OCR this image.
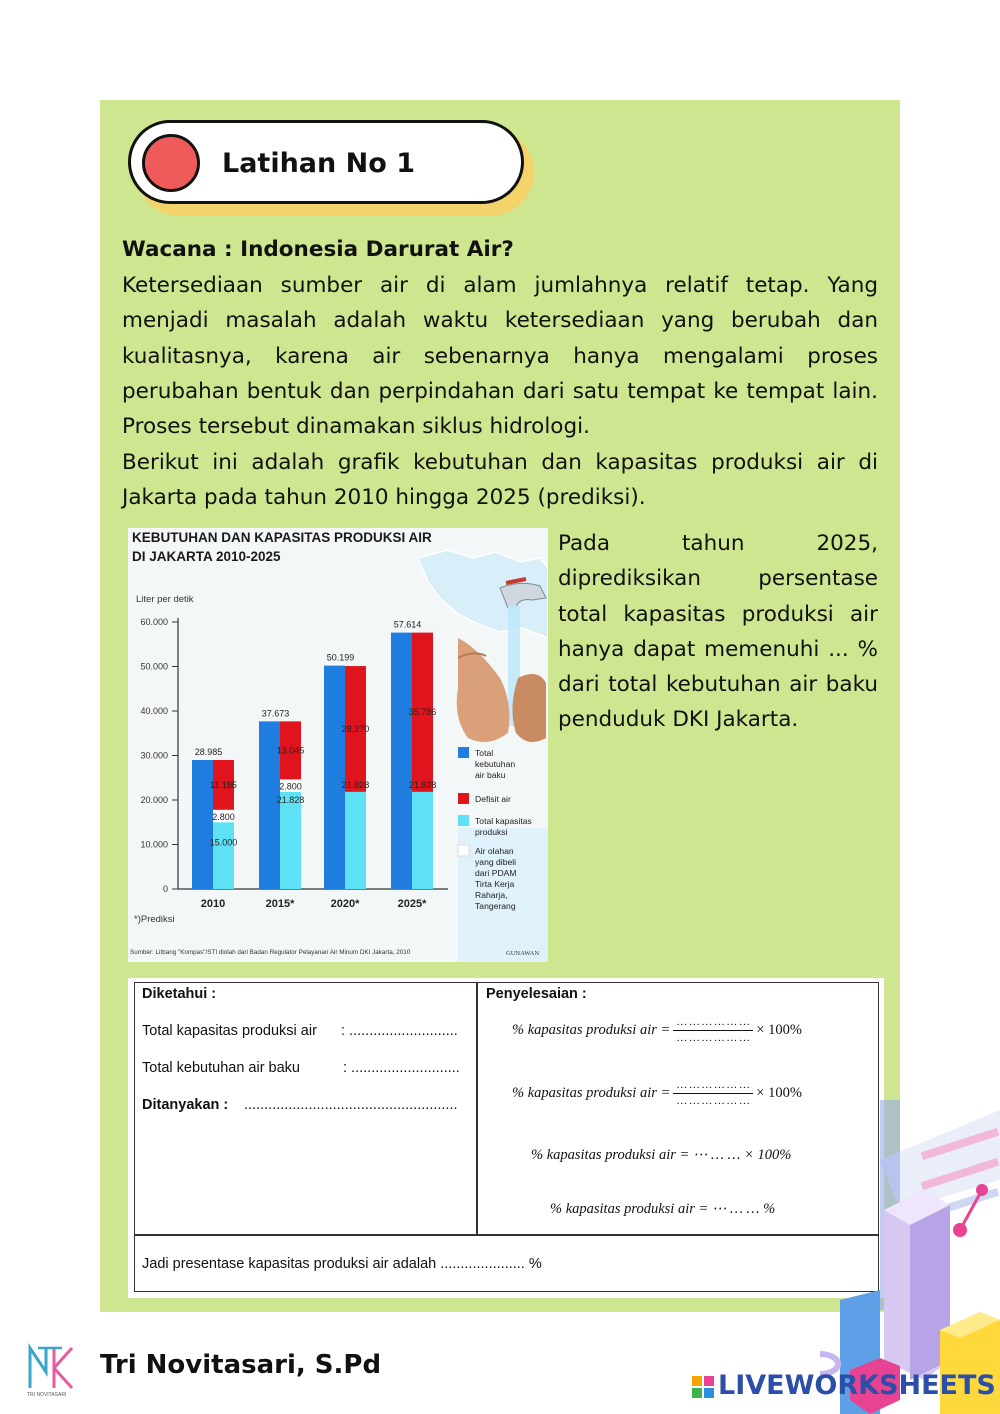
Latihan No 1
Wacana : Indonesia Darurat Air?
Ketersediaan sumber air di alam jumlahnya relatif tetap. Yang menjadi masalah adalah waktu ketersediaan yang berubah dan kualitasnya, karena air sebenarnya hanya mengalami proses perubahan bentuk dan perpindahan dari satu tempat ke tempat lain. Proses tersebut dinamakan siklus hidrologi.
Berikut ini adalah grafik kebutuhan dan kapasitas produksi air di Jakarta pada tahun 2010 hingga 2025 (prediksi).
Pada tahun 2025, diprediksikan persentase total kapasitas produksi air hanya dapat memenuhi ... % dari total kebutuhan air baku penduduk DKI Jakarta.
0
10.000
20.000
30.000
40.000
50.000
60.000
28.985
11.185
15.000
2.800
2010
37.673
13.045
21.828
2.800
2015*
50.199
28.270
21.828
2020*
57.614
35.786
21.828
2025*
Total
kebutuhan
air baku
Defisit air
Total kapasitas
produksi
Air olahan
yang dibeli
dari PDAM
Tirta Kerja
Raharja,
Tangerang
KEBUTUHAN DAN KAPASITAS PRODUKSI AIR
DI JAKARTA 2010-2025
Liter per detik
*)Prediksi
Sumber: Litbang "Kompas"/STI diolah dari Badan Regulator Pelayanan Air Minum DKI Jakarta, 2010	GUNAWAN
Diketahui :
Total kapasitas produksi air : ...........................
Total kebutuhan air baku	: ...........................
Ditanyakan : .....................................................
Penyelesaian :
% kapasitas produksi air = $\frac{\dots \dots \dots \dots \dots \dots}{\dots \dots \dots \dots \dots \dots} \times 100\%$
% kapasitas produksi air = $\frac{\dots \dots \dots \dots \dots \dots}{\dots \dots \dots \dots \dots \dots} \times 100\%$
% kapasitas produksi air =
⋯ … … × 100%
% kapasitas produksi air =
⋯ … … %
Jadi presentase kapasitas produksi air adalah ..................... %
TRI NOVITASARI
Tri Novitasari, S.Pd
LIVEWORKSHEETS
